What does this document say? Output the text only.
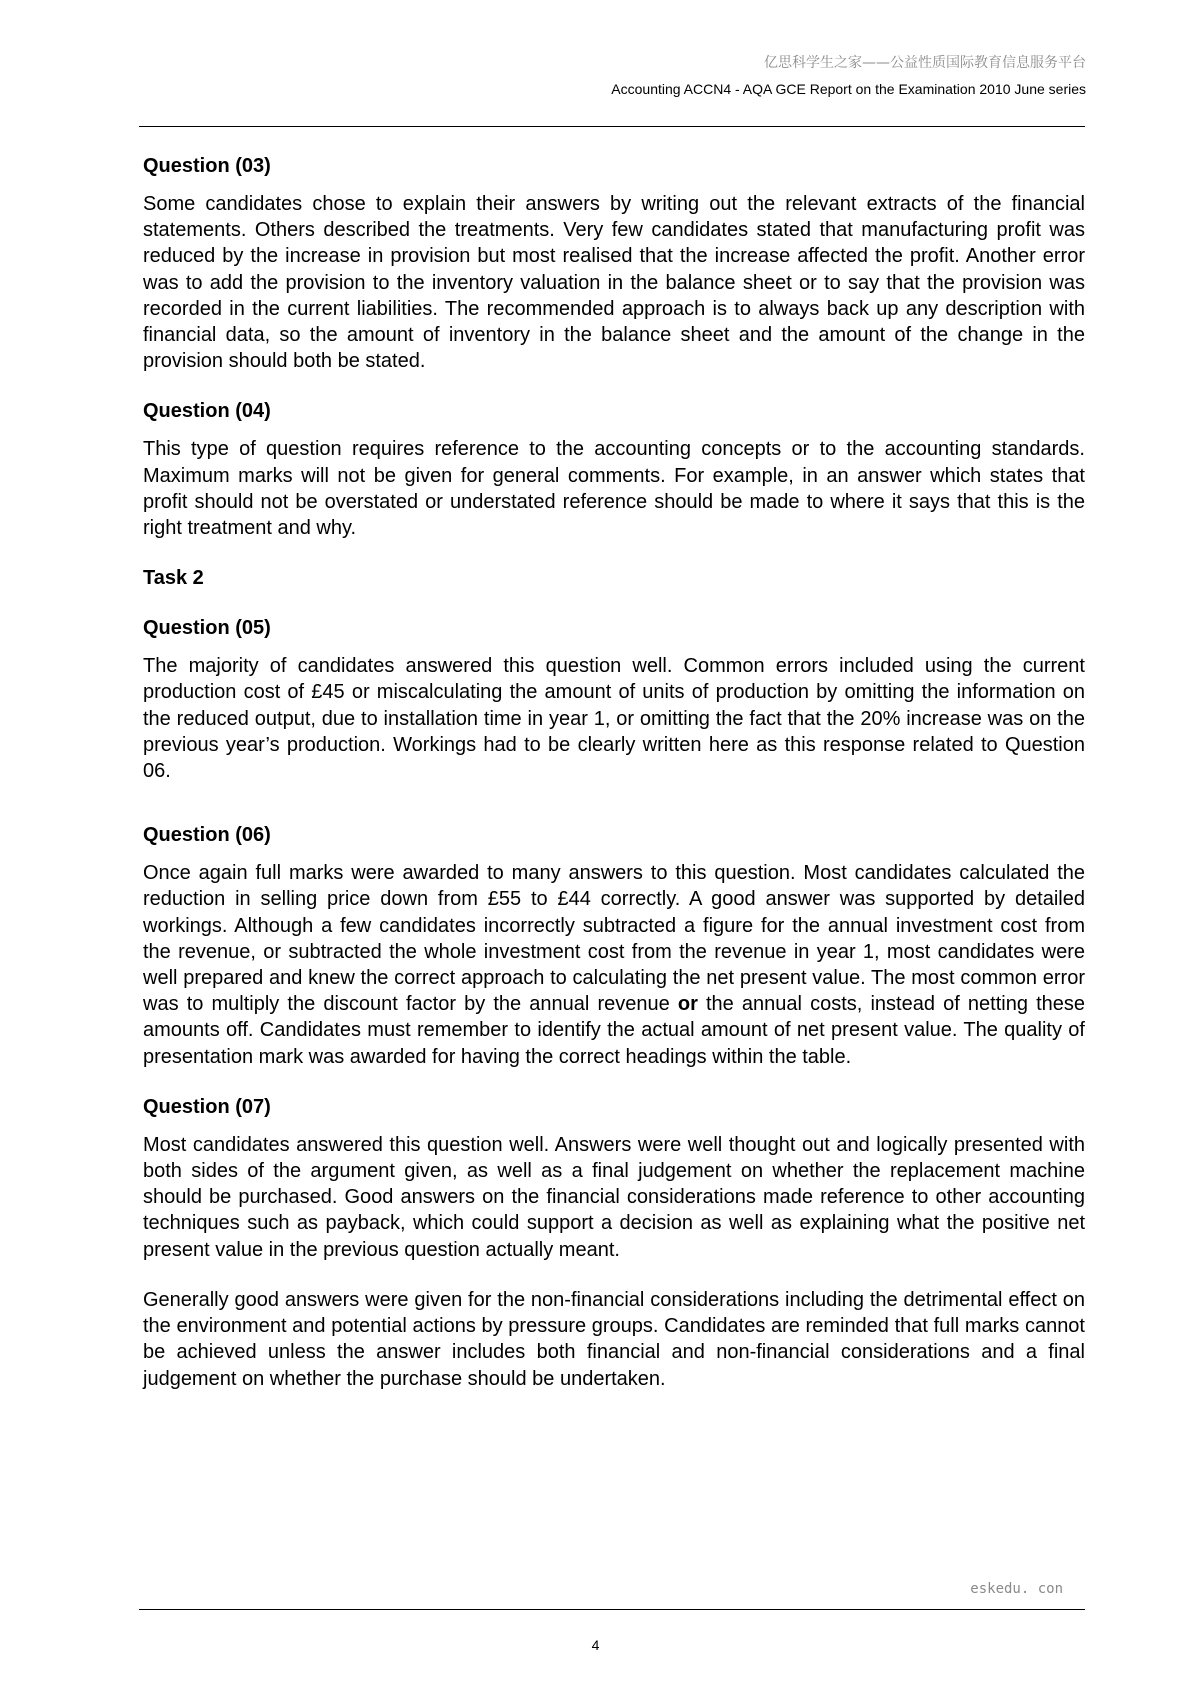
亿思科学生之家——公益性质国际教育信息服务平台
Accounting ACCN4 - AQA GCE Report on the Examination 2010 June series

Question (03)

Some candidates chose to explain their answers by writing out the relevant extracts of the financial statements. Others described the treatments. Very few candidates stated that manufacturing profit was reduced by the increase in provision but most realised that the increase affected the profit. Another error was to add the provision to the inventory valuation in the balance sheet or to say that the provision was recorded in the current liabilities. The recommended approach is to always back up any description with financial data, so the amount of inventory in the balance sheet and the amount of the change in the provision should both be stated.

Question (04)

This type of question requires reference to the accounting concepts or to the accounting standards. Maximum marks will not be given for general comments. For example, in an answer which states that profit should not be overstated or understated reference should be made to where it says that this is the right treatment and why.

Task 2

Question (05)

The majority of candidates answered this question well. Common errors included using the current production cost of £45 or miscalculating the amount of units of production by omitting the information on the reduced output, due to installation time in year 1, or omitting the fact that the 20% increase was on the previous year’s production. Workings had to be clearly written here as this response related to Question 06.

Question (06)

Once again full marks were awarded to many answers to this question. Most candidates calculated the reduction in selling price down from £55 to £44 correctly. A good answer was supported by detailed workings. Although a few candidates incorrectly subtracted a figure for the annual investment cost from the revenue, or subtracted the whole investment cost from the revenue in year 1, most candidates were well prepared and knew the correct approach to calculating the net present value. The most common error was to multiply the discount factor by the annual revenue or the annual costs, instead of netting these amounts off. Candidates must remember to identify the actual amount of net present value. The quality of presentation mark was awarded for having the correct headings within the table.

Question (07)

Most candidates answered this question well. Answers were well thought out and logically presented with both sides of the argument given, as well as a final judgement on whether the replacement machine should be purchased. Good answers on the financial considerations made reference to other accounting techniques such as payback, which could support a decision as well as explaining what the positive net present value in the previous question actually meant.

Generally good answers were given for the non-financial considerations including the detrimental effect on the environment and potential actions by pressure groups. Candidates are reminded that full marks cannot be achieved unless the answer includes both financial and non-financial considerations and a final judgement on whether the purchase should be undertaken.

eskedu. con
4
